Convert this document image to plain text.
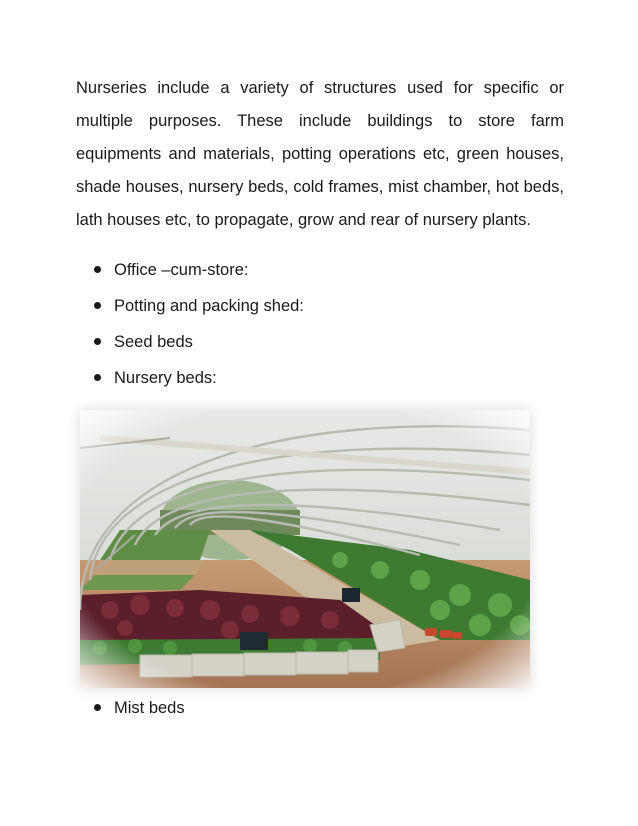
Nurseries include a variety of structures used for specific or
multiple purposes. These include buildings to store farm
equipments and materials, potting operations etc, green houses,
shade houses, nursery beds, cold frames, mist chamber, hot beds,
lath houses etc, to propagate, grow and rear of nursery plants.
Office –cum-store:
Potting and packing shed:
Seed beds
Nursery beds:
Mist beds
